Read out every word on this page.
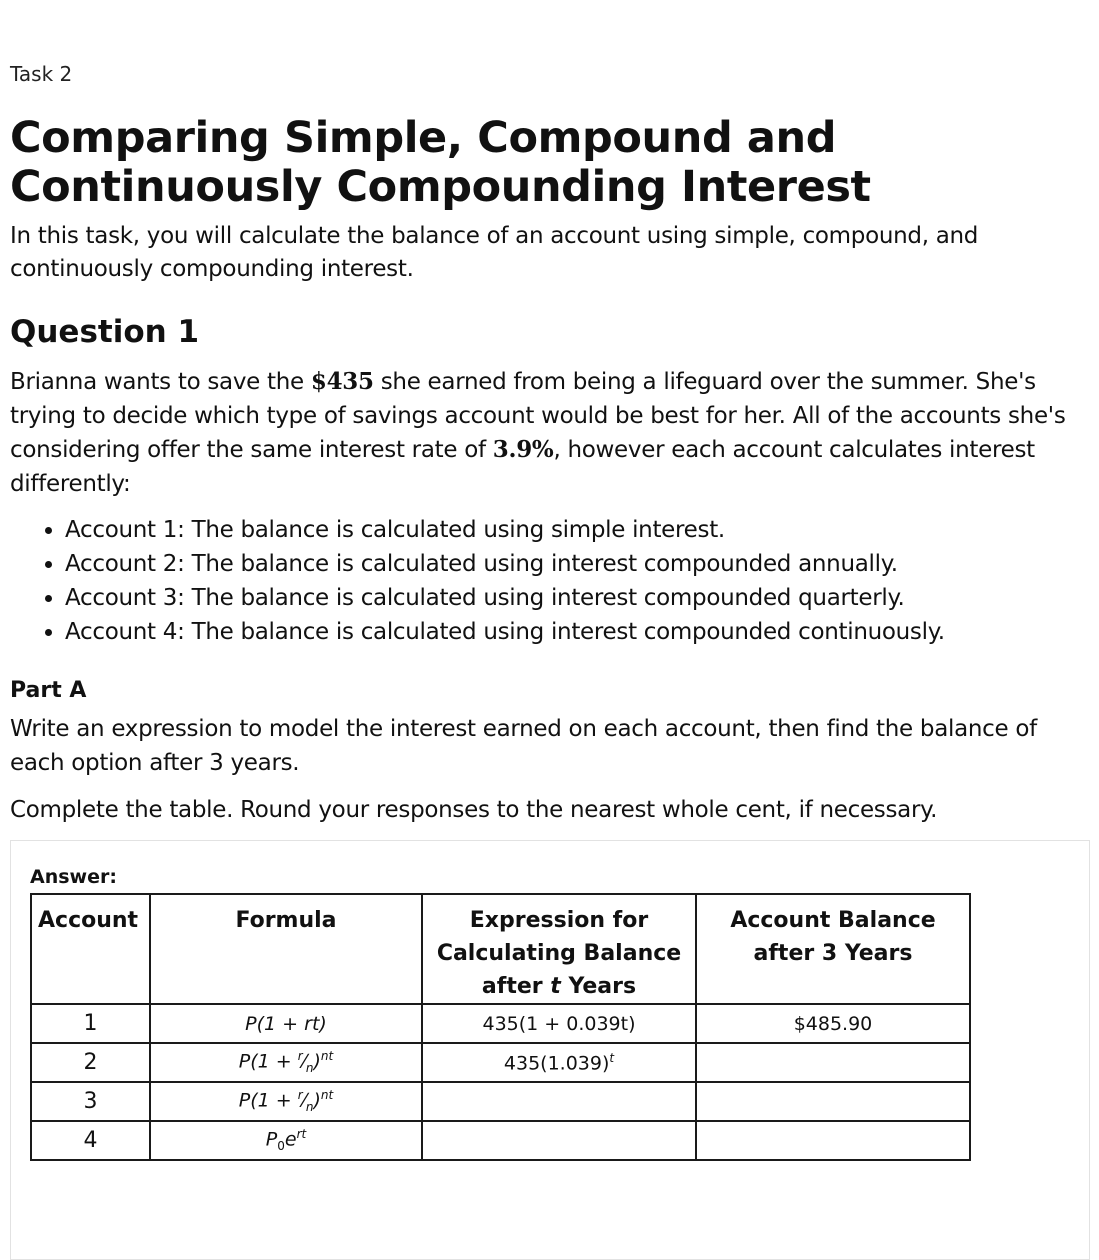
Task 2
Comparing Simple, Compound and Continuously Compounding Interest

In this task, you will calculate the balance of an account using simple, compound, and continuously compounding interest.

Question 1

Brianna wants to save the $435 she earned from being a lifeguard over the summer. She's trying to decide which type of savings account would be best for her. All of the accounts she's considering offer the same interest rate of 3.9%, however each account calculates interest differently:

• Account 1: The balance is calculated using simple interest.
• Account 2: The balance is calculated using interest compounded annually.
• Account 3: The balance is calculated using interest compounded quarterly.
• Account 4: The balance is calculated using interest compounded continuously.
Part A

Write an expression to model the interest earned on each account, then find the balance of each option after 3 years.

Complete the table. Round your responses to the nearest whole cent, if necessary.

Answer:
Account	Formula	Expression for
Calculating Balance
after t Years	Account Balance
after 3 Years
1	P(1 + rt)	435(1 + 0.039t)	$485.90
2	$P(1 + ^r⁄_n)^{nt}$	$435(1.039)^t$	
3	$P(1 + ^r⁄_n)^{nt}$		
4	$P_0e^{rt}$		
